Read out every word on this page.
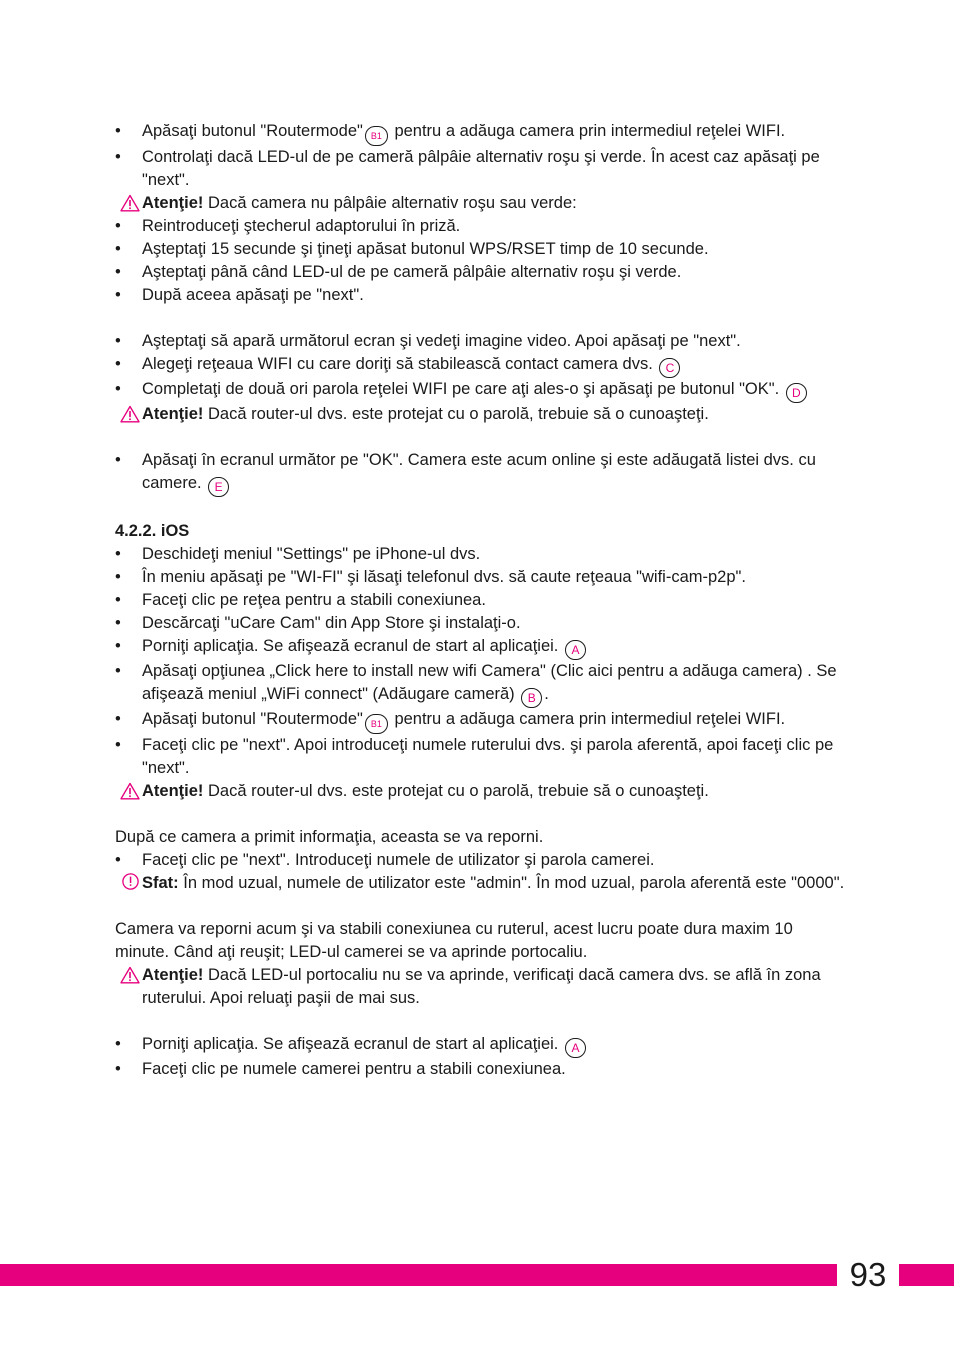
• Apăsaţi butonul "Routermode" B1 pentru a adăuga camera prin intermediul reţelei WIFI.
• Controlaţi dacă LED-ul de pe cameră pâlpâie alternativ roşu şi verde. În acest caz apăsaţi pe "next".
Atenţie! Dacă camera nu pâlpâie alternativ roşu sau verde:
• Reintroduceţi ştecherul adaptorului în priză.
• Aşteptaţi 15 secunde şi ţineţi apăsat butonul WPS/RSET timp de 10 secunde.
• Aşteptaţi până când LED-ul de pe cameră pâlpâie alternativ roşu şi verde.
• După aceea apăsaţi pe "next".
• Aşteptaţi să apară următorul ecran şi vedeţi imagine video. Apoi apăsaţi pe "next".
• Alegeţi reţeaua WIFI cu care doriţi să stabilească contact camera dvs. C
• Completaţi de două ori parola reţelei WIFI pe care aţi ales-o şi apăsaţi pe butonul "OK". D
Atenţie! Dacă router-ul dvs. este protejat cu o parolă, trebuie să o cunoaşteţi.
• Apăsaţi în ecranul următor pe "OK". Camera este acum online şi este adăugată listei dvs. cu camere. E
4.2.2. iOS
• Deschideţi meniul "Settings" pe iPhone-ul dvs.
• În meniu apăsaţi pe "WI-FI" şi lăsaţi telefonul dvs. să caute reţeaua "wifi-cam-p2p".
• Faceţi clic pe reţea pentru a stabili conexiunea.
• Descărcaţi "uCare Cam" din App Store şi instalaţi-o.
• Porniţi aplicaţia. Se afişează ecranul de start al aplicaţiei. A
• Apăsaţi opţiunea „Click here to install new wifi Camera" (Clic aici pentru a adăuga camera) . Se afişează meniul „WiFi connect" (Adăugare cameră) B .
• Apăsaţi butonul "Routermode" B1 pentru a adăuga camera prin intermediul reţelei WIFI.
• Faceţi clic pe "next". Apoi introduceţi numele ruterului dvs. şi parola aferentă, apoi faceţi clic pe "next".
Atenţie! Dacă router-ul dvs. este protejat cu o parolă, trebuie să o cunoaşteţi.
După ce camera a primit informaţia, aceasta se va reporni.
• Faceţi clic pe "next". Introduceţi numele de utilizator şi parola camerei.
Sfat: În mod uzual, numele de utilizator este "admin". În mod uzual, parola aferentă este "0000".
Camera va reporni acum şi va stabili conexiunea cu ruterul, acest lucru poate dura maxim 10 minute. Când aţi reuşit; LED-ul camerei se va aprinde portocaliu.
Atenţie! Dacă LED-ul portocaliu nu se va aprinde, verificaţi dacă camera dvs. se află în zona ruterului. Apoi reluaţi paşii de mai sus.
• Porniţi aplicaţia. Se afişează ecranul de start al aplicaţiei. A
• Faceţi clic pe numele camerei pentru a stabili conexiunea.
93
